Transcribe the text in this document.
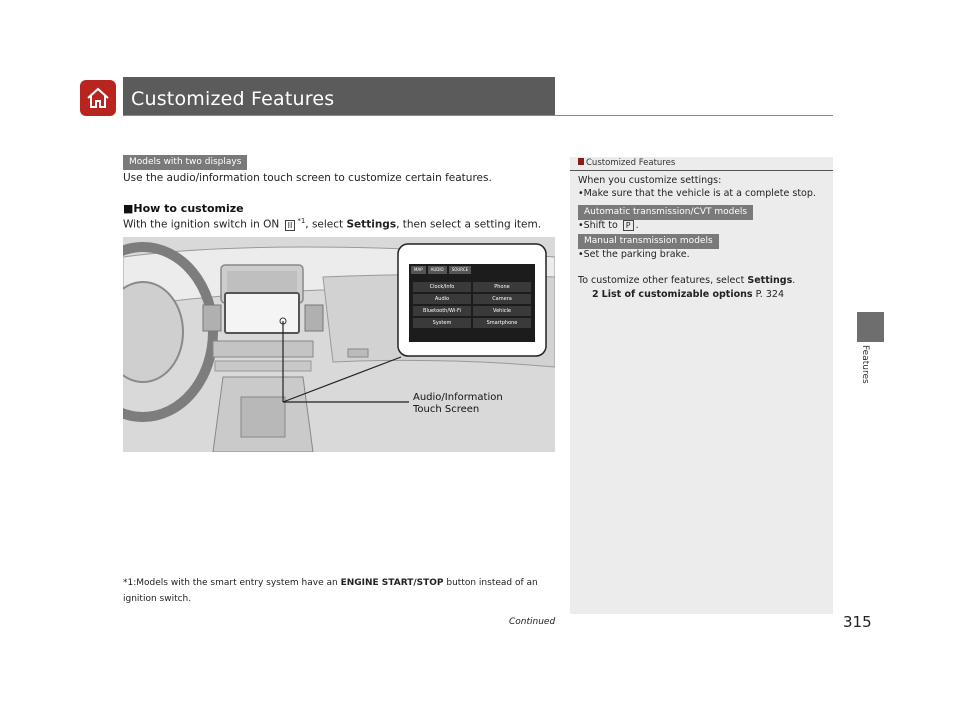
Customized Features
Features
Models with two displays
Use the audio/information touch screen to customize certain features.
■How to customize
With the ignition switch in ON II $^{*1}$, select Settings, then select a setting item.
MAP	AUDIO	SOURCE
Clock/Info	Phone
Audio	Camera
Bluetooth/Wi-Fi	Vehicle
System	Smartphone
Audio/Information
Touch Screen
*1:Models with the smart entry system have an ENGINE START/STOP button instead of an
ignition switch.
Customized Features
When you customize settings:
•Make sure that the vehicle is at a complete stop.
Automatic transmission/CVT models
•Shift to P .
Manual transmission models
•Set the parking brake.
To customize other features, select Settings.
2 List of customizable options P. 324
Continued	315
